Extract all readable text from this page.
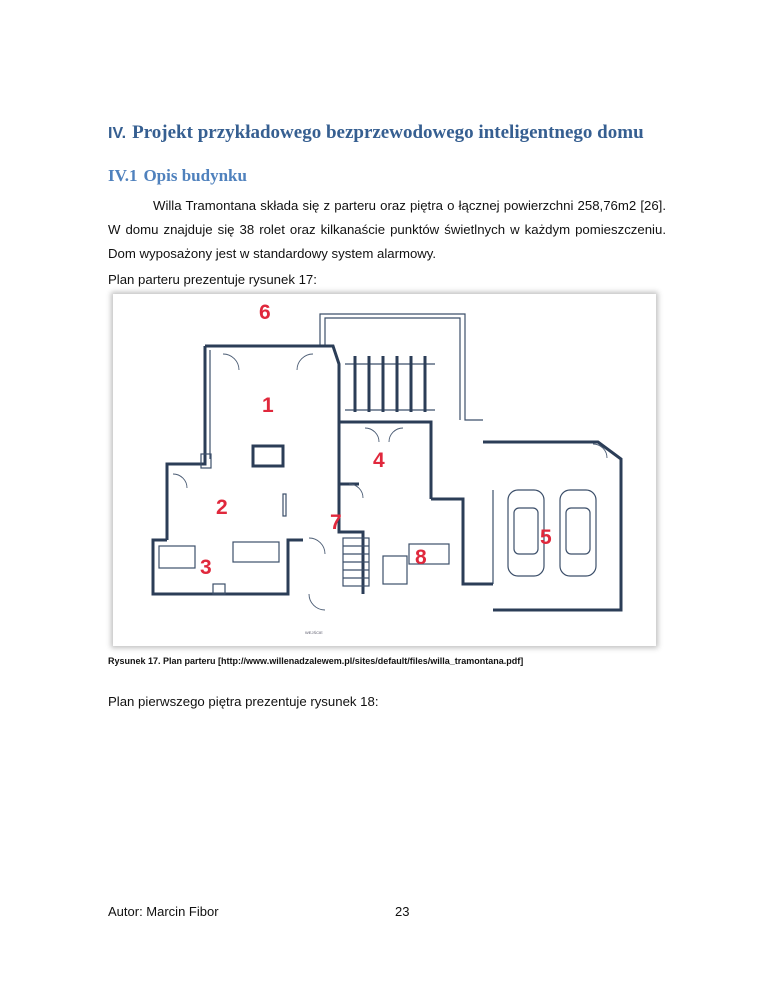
IV. Projekt przykładowego bezprzewodowego inteligentnego domu
IV.1 Opis budynku

Willa Tramontana składa się z parteru oraz piętra o łącznej powierzchni 258,76m2 [26]. W domu znajduje się 38 rolet oraz kilkanaście punktów świetlnych w każdym pomieszczeniu. Dom wyposażony jest w standardowy system alarmowy.

Plan parteru prezentuje rysunek 17:

6
1
4
2
7
5
8
3
WEJŚCIE

Rysunek 17. Plan parteru [http://www.willenadzalewem.pl/sites/default/files/willa_tramontana.pdf]

Plan pierwszego piętra prezentuje rysunek 18:

Autor: Marcin Fibor	23
